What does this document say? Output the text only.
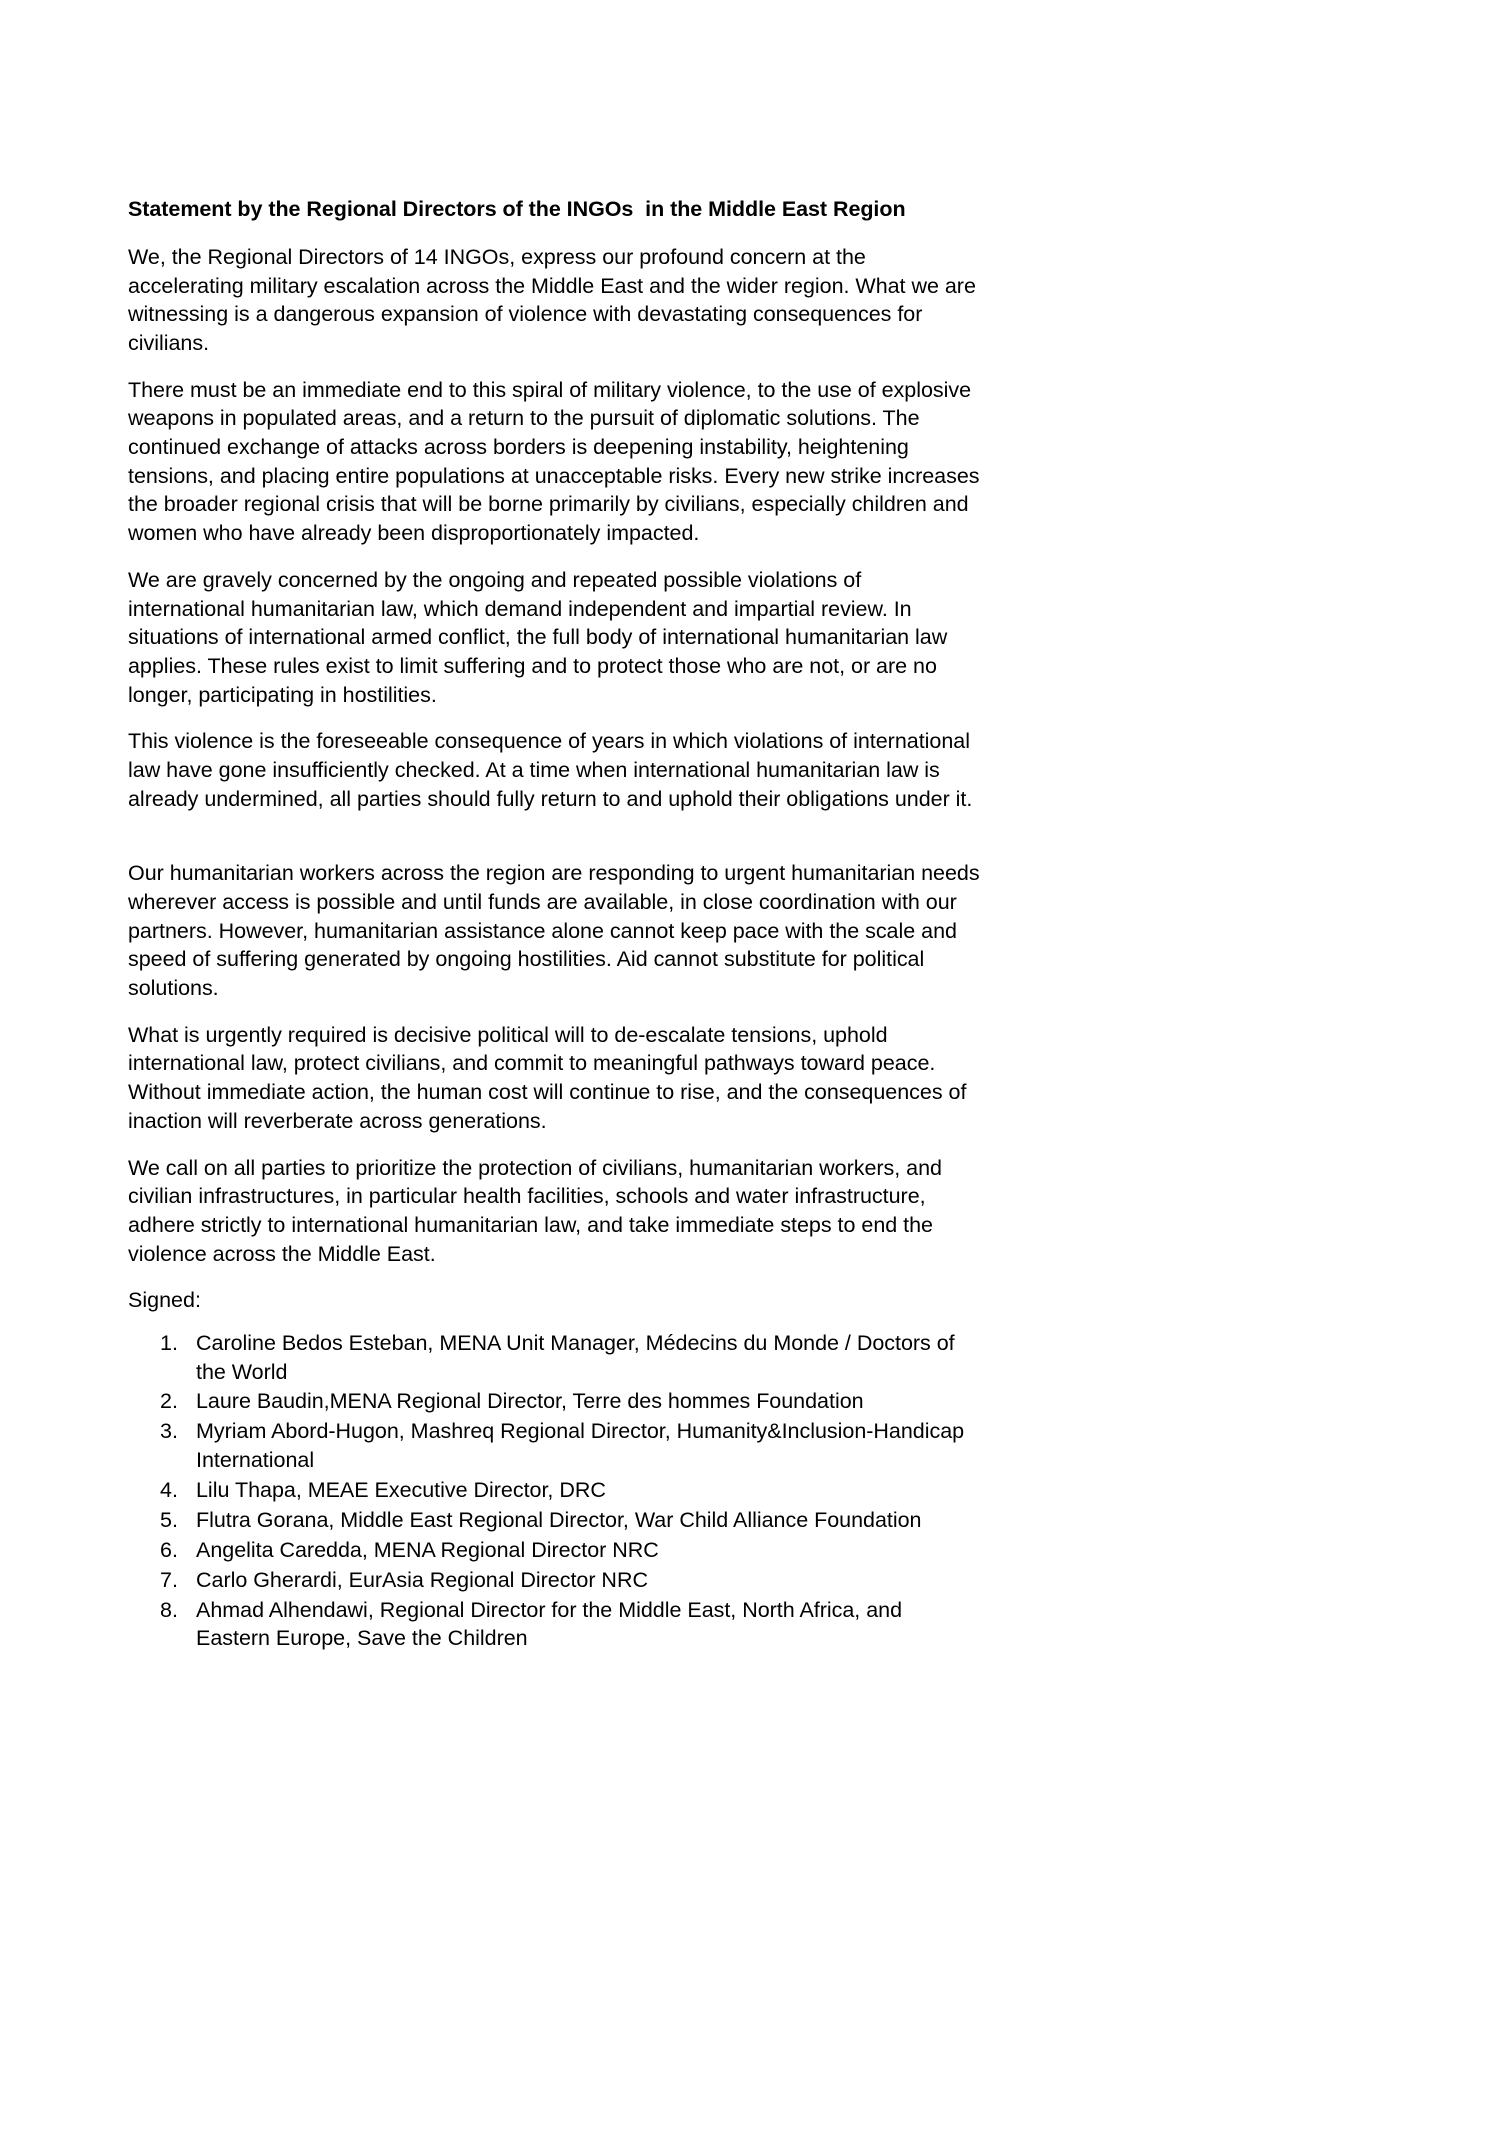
Statement by the Regional Directors of the INGOs  in the Middle East Region

We, the Regional Directors of 14 INGOs, express our profound concern at the accelerating military escalation across the Middle East and the wider region. What we are witnessing is a dangerous expansion of violence with devastating consequences for civilians.

There must be an immediate end to this spiral of military violence, to the use of explosive weapons in populated areas, and a return to the pursuit of diplomatic solutions. The continued exchange of attacks across borders is deepening instability, heightening tensions, and placing entire populations at unacceptable risks. Every new strike increases the broader regional crisis that will be borne primarily by civilians, especially children and women who have already been disproportionately impacted.

We are gravely concerned by the ongoing and repeated possible violations of international humanitarian law, which demand independent and impartial review. In situations of international armed conflict, the full body of international humanitarian law applies. These rules exist to limit suffering and to protect those who are not, or are no longer, participating in hostilities.

This violence is the foreseeable consequence of years in which violations of international law have gone insufficiently checked. At a time when international humanitarian law is already undermined, all parties should fully return to and uphold their obligations under it.

Our humanitarian workers across the region are responding to urgent humanitarian needs wherever access is possible and until funds are available, in close coordination with our partners. However, humanitarian assistance alone cannot keep pace with the scale and speed of suffering generated by ongoing hostilities. Aid cannot substitute for political solutions.

What is urgently required is decisive political will to de-escalate tensions, uphold international law, protect civilians, and commit to meaningful pathways toward peace. Without immediate action, the human cost will continue to rise, and the consequences of inaction will reverberate across generations.

We call on all parties to prioritize the protection of civilians, humanitarian workers, and civilian infrastructures, in particular health facilities, schools and water infrastructure, adhere strictly to international humanitarian law, and take immediate steps to end the violence across the Middle East.

Signed:

Caroline Bedos Esteban, MENA Unit Manager, Médecins du Monde / Doctors of the World
Laure Baudin,MENA Regional Director, Terre des hommes Foundation
Myriam Abord-Hugon, Mashreq Regional Director, Humanity&Inclusion-Handicap International
Lilu Thapa, MEAE Executive Director, DRC
Flutra Gorana, Middle East Regional Director, War Child Alliance Foundation
Angelita Caredda, MENA Regional Director NRC
Carlo Gherardi, EurAsia Regional Director NRC
Ahmad Alhendawi, Regional Director for the Middle East, North Africa, and Eastern Europe, Save the Children
